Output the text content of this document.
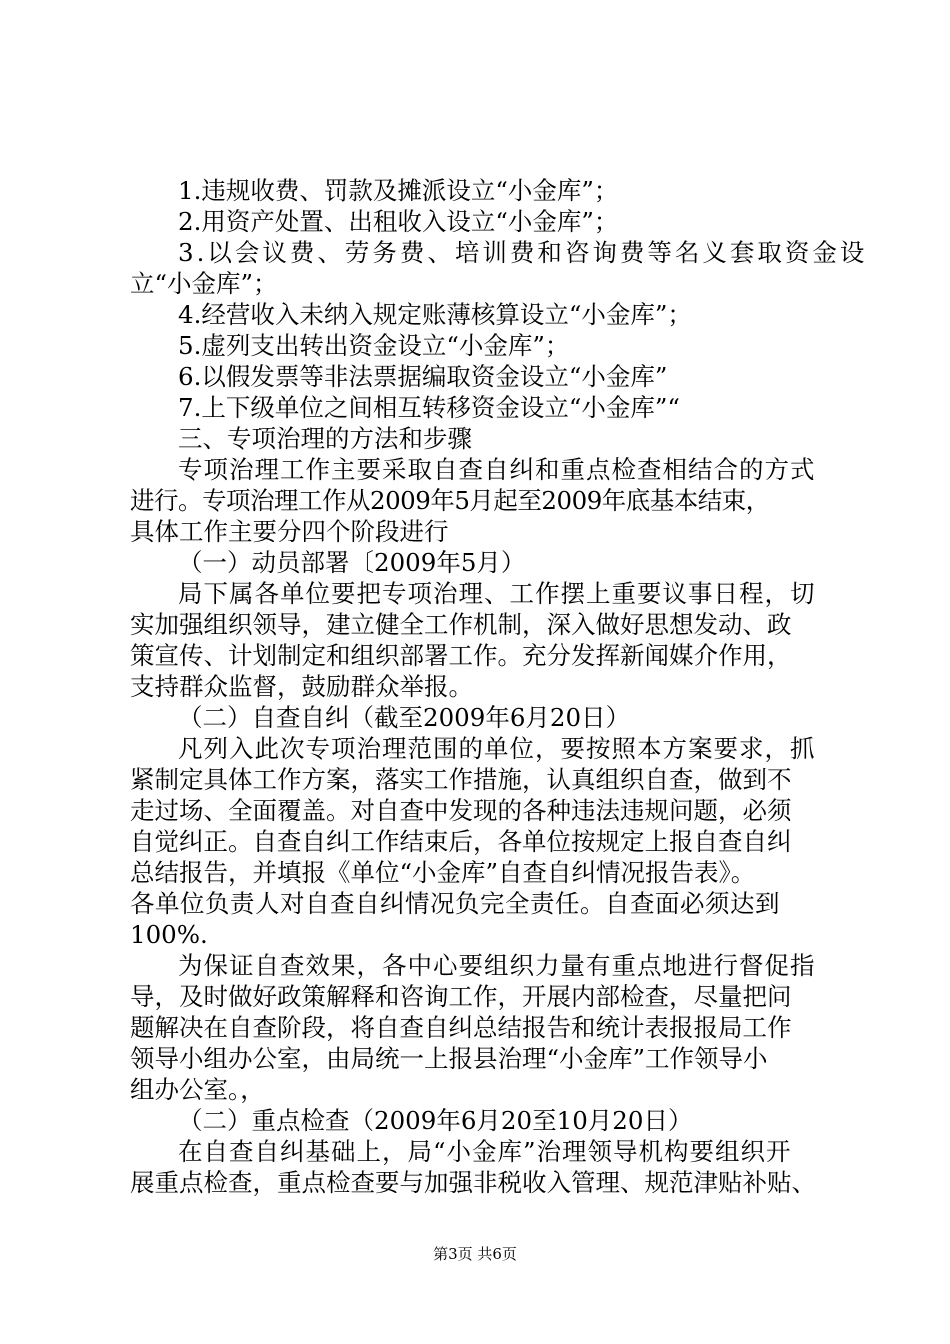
1.违规收费、罚款及摊派设立“小金库”；
2.用资产处置、出租收入设立“小金库”；
3.以会议费、劳务费、培训费和咨询费等名义套取资金设
立“小金库”；
4.经营收入未纳入规定账薄核算设立“小金库”；
5.虚列支出转出资金设立“小金库”；
6.以假发票等非法票据编取资金设立“小金库”
7.上下级单位之间相互转移资金设立“小金库”“
三、专项治理的方法和步骤
专项治理工作主要采取自查自纠和重点检查相结合的方式
进行。专项治理工作从2009年5月起至2009年底基本结束，
具体工作主要分四个阶段进行
（一）动员部署〔2009年5月）
局下属各单位要把专项治理、工作摆上重要议事日程，切
实加强组织领导，建立健全工作机制，深入做好思想发动、政
策宣传、计划制定和组织部署工作。充分发挥新闻媒介作用，
支持群众监督，鼓励群众举报。
（二）自查自纠（截至2009年6月20日）
凡列入此次专项治理范围的单位，要按照本方案要求，抓
紧制定具体工作方案，落实工作措施，认真组织自查，做到不
走过场、全面覆盖。对自查中发现的各种违法违规问题，必须
自觉纠正。自查自纠工作结束后，各单位按规定上报自查自纠
总结报告，并填报《单位“小金库”自查自纠情况报告表》。
各单位负责人对自查自纠情况负完全责任。自查面必须达到
100%.
为保证自查效果，各中心要组织力量有重点地进行督促指
导，及时做好政策解释和咨询工作，开展内部检查，尽量把问
题解决在自查阶段，将自查自纠总结报告和统计表报报局工作
领导小组办公室，由局统一上报县治理“小金库”工作领导小
组办公室。，
（二）重点检查（2009年6月20至10月20日）
在自查自纠基础上，局“小金库”治理领导机构要组织开
展重点检查，重点检查要与加强非税收入管理、规范津贴补贴、
第3页 共6页
